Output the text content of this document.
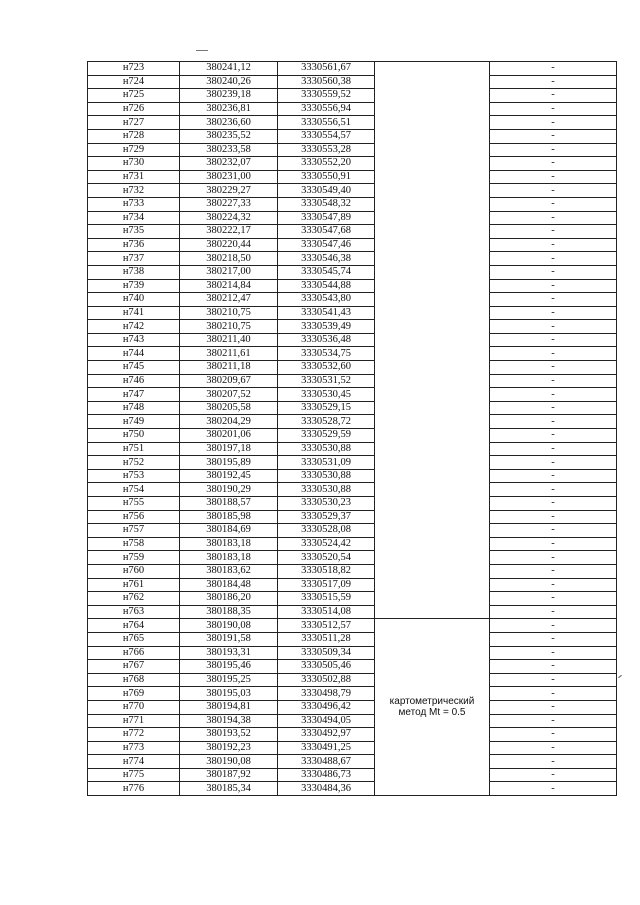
н723	380241,12	3330561,67		-
н724	380240,26	3330560,38		-
н725	380239,18	3330559,52		-
н726	380236,81	3330556,94		-
н727	380236,60	3330556,51		-
н728	380235,52	3330554,57		-
н729	380233,58	3330553,28		-
н730	380232,07	3330552,20		-
н731	380231,00	3330550,91		-
н732	380229,27	3330549,40		-
н733	380227,33	3330548,32		-
н734	380224,32	3330547,89		-
н735	380222,17	3330547,68		-
н736	380220,44	3330547,46		-
н737	380218,50	3330546,38		-
н738	380217,00	3330545,74		-
н739	380214,84	3330544,88		-
н740	380212,47	3330543,80		-
н741	380210,75	3330541,43		-
н742	380210,75	3330539,49		-
н743	380211,40	3330536,48		-
н744	380211,61	3330534,75		-
н745	380211,18	3330532,60		-
н746	380209,67	3330531,52		-
н747	380207,52	3330530,45		-
н748	380205,58	3330529,15		-
н749	380204,29	3330528,72		-
н750	380201,06	3330529,59		-
н751	380197,18	3330530,88		-
н752	380195,89	3330531,09		-
н753	380192,45	3330530,88		-
н754	380190,29	3330530,88		-
н755	380188,57	3330530,23		-
н756	380185,98	3330529,37		-
н757	380184,69	3330528,08		-
н758	380183,18	3330524,42		-
н759	380183,18	3330520,54		-
н760	380183,62	3330518,82		-
н761	380184,48	3330517,09		-
н762	380186,20	3330515,59		-
н763	380188,35	3330514,08		-
н764	380190,08	3330512,57	картометрический метод Mt = 0.5	-
н765	380191,58	3330511,28		-
н766	380193,31	3330509,34		-
н767	380195,46	3330505,46		-
н768	380195,25	3330502,88		-
н769	380195,03	3330498,79		-
н770	380194,81	3330496,42		-
н771	380194,38	3330494,05		-
н772	380193,52	3330492,97		-
н773	380192,23	3330491,25		-
н774	380190,08	3330488,67		-
н775	380187,92	3330486,73		-
н776	380185,34	3330484,36		-
